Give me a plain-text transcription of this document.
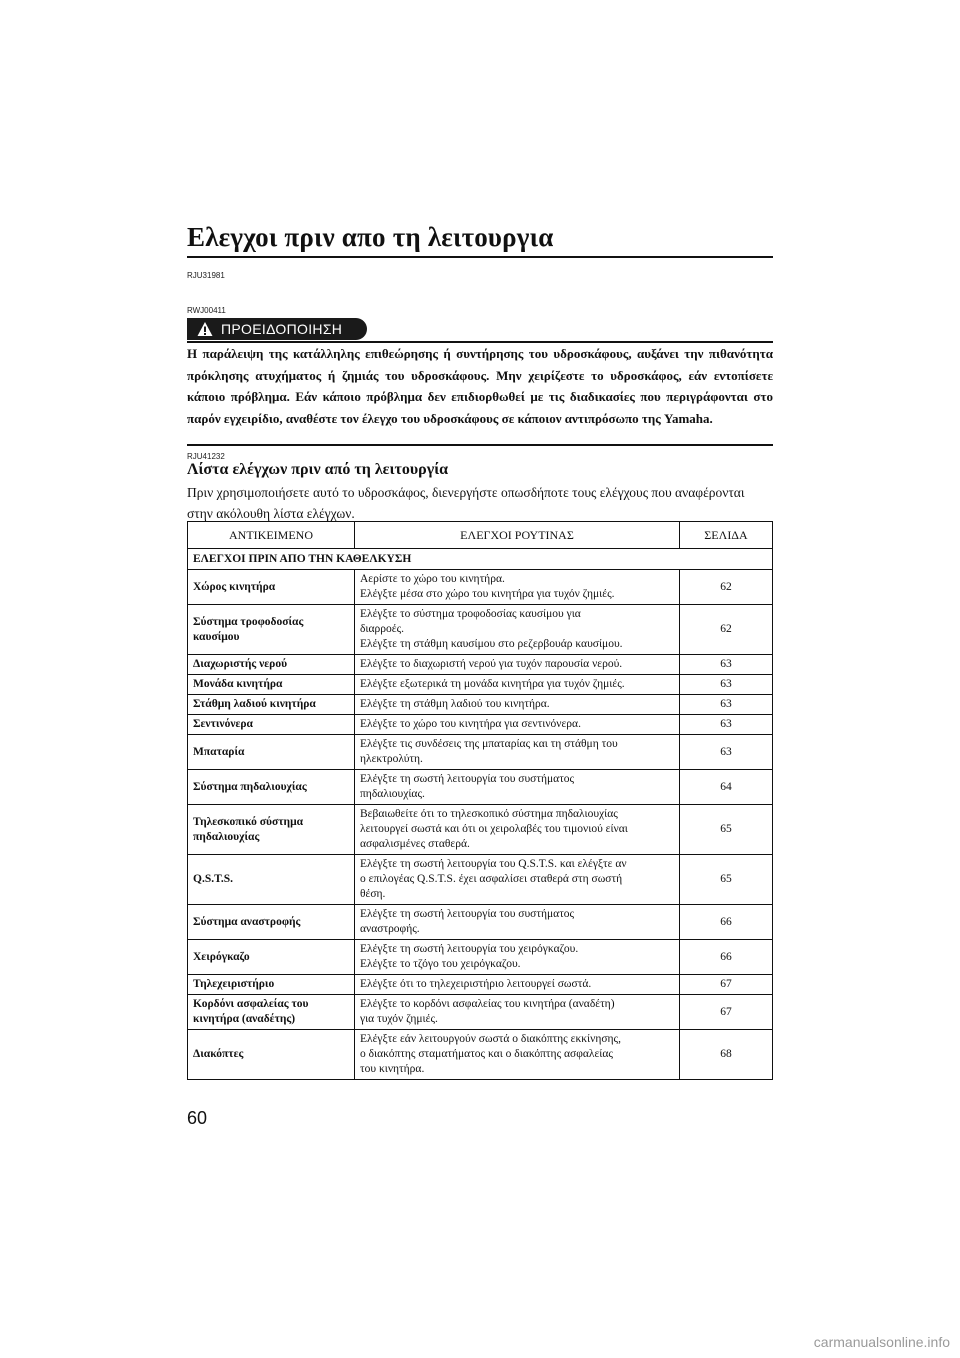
Ελεγχοι πριν απο τη λειτουργια
RJU31981
RWJ00411
ΠΡΟΕΙΔΟΠΟΙΗΣΗ

Η παράλειψη της κατάλληλης επιθεώρησης ή συντήρησης του υδροσκάφους, αυξάνει την πιθανότητα πρόκλησης ατυχήματος ή ζημιάς του υδροσκάφους. Μην χειρίζεστε το υδροσκάφος, εάν εντοπίσετε κάποιο πρόβλημα. Εάν κάποιο πρόβλημα δεν επιδιορθωθεί με τις διαδικασίες που περιγράφονται στο παρόν εγχειρίδιο, αναθέστε τον έλεγχο του υδροσκάφους σε κάποιον αντιπρόσωπο της Yamaha.

RJU41232
Λίστα ελέγχων πριν από τη λειτουργία

Πριν χρησιμοποιήσετε αυτό το υδροσκάφος, διενεργήστε οπωσδήποτε τους ελέγχους που αναφέρονται στην ακόλουθη λίστα ελέγχων.

ΑΝΤΙΚΕΙΜΕΝΟ	ΕΛΕΓΧΟΙ ΡΟΥΤΙΝΑΣ	ΣΕΛΙΔΑ
ΕΛΕΓΧΟΙ ΠΡΙΝ ΑΠΟ ΤΗΝ ΚΑΘΕΛΚΥΣΗ		

Χώρος κινητήρα	Αερίστε το χώρο του κινητήρα.
Ελέγξτε μέσα στο χώρο του κινητήρα για τυχόν ζημιές.	62

Σύστημα τροφοδοσίας
καυσίμου	Ελέγξτε το σύστημα τροφοδοσίας καυσίμου για
διαρροές.
Ελέγξτε τη στάθμη καυσίμου στο ρεζερβουάρ καυσίμου.	62

Διαχωριστής νερού	Ελέγξτε το διαχωριστή νερού για τυχόν παρουσία νερού.	63

Μονάδα κινητήρα	Ελέγξτε εξωτερικά τη μονάδα κινητήρα για τυχόν ζημιές.	63

Στάθμη λαδιού κινητήρα	Ελέγξτε τη στάθμη λαδιού του κινητήρα.	63

Σεντινόνερα	Ελέγξτε το χώρο του κινητήρα για σεντινόνερα.	63

Μπαταρία	Ελέγξτε τις συνδέσεις της μπαταρίας και τη στάθμη του
ηλεκτρολύτη.	63

Σύστημα πηδαλιουχίας	Ελέγξτε τη σωστή λειτουργία του συστήματος
πηδαλιουχίας.	64

Τηλεσκοπικό σύστημα
πηδαλιουχίας	Βεβαιωθείτε ότι το τηλεσκοπικό σύστημα πηδαλιουχίας
λειτουργεί σωστά και ότι οι χειρολαβές του τιμονιού είναι
ασφαλισμένες σταθερά.	65

Q.S.T.S.	Ελέγξτε τη σωστή λειτουργία του Q.S.T.S. και ελέγξτε αν
ο επιλογέας Q.S.T.S. έχει ασφαλίσει σταθερά στη σωστή
θέση.	65

Σύστημα αναστροφής	Ελέγξτε τη σωστή λειτουργία του συστήματος
αναστροφής.	66

Χειρόγκαζο	Ελέγξτε τη σωστή λειτουργία του χειρόγκαζου.
Ελέγξτε το τζόγο του χειρόγκαζου.	66

Τηλεχειριστήριο	Ελέγξτε ότι το τηλεχειριστήριο λειτουργεί σωστά.	67

Κορδόνι ασφαλείας του
κινητήρα (αναδέτης)	Ελέγξτε το κορδόνι ασφαλείας του κινητήρα (αναδέτη)
για τυχόν ζημιές.	67

Διακόπτες	Ελέγξτε εάν λειτουργούν σωστά ο διακόπτης εκκίνησης,
ο διακόπτης σταματήματος και ο διακόπτης ασφαλείας
του κινητήρα.	68
60
carmanualsonline.info
